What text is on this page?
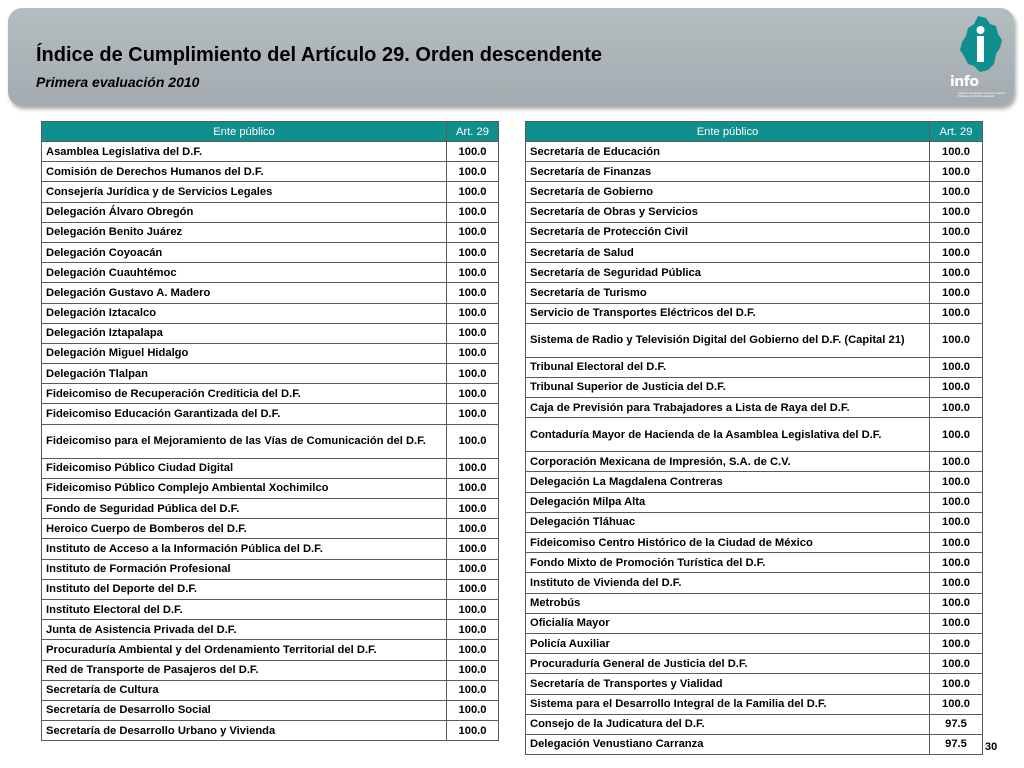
Índice de Cumplimiento del Artículo 29. Orden descendente
Primera evaluación 2010	info
Instituto de Acceso a la Información Pública del Distrito Federal
Ente público	Art. 29
Asamblea Legislativa del D.F.	100.0
Comisión de Derechos Humanos del D.F.	100.0
Consejería Jurídica y de Servicios Legales	100.0
Delegación Álvaro Obregón	100.0
Delegación Benito Juárez	100.0
Delegación Coyoacán	100.0
Delegación Cuauhtémoc	100.0
Delegación Gustavo A. Madero	100.0
Delegación Iztacalco	100.0
Delegación Iztapalapa	100.0
Delegación Miguel Hidalgo	100.0
Delegación Tlalpan	100.0
Fideicomiso de Recuperación Crediticia del D.F.	100.0
Fideicomiso Educación Garantizada del D.F.	100.0
Fideicomiso para el Mejoramiento de las Vías de Comunicación del D.F.	100.0
Fideicomiso Público Ciudad Digital	100.0
Fideicomiso Público Complejo Ambiental Xochimilco	100.0
Fondo de Seguridad Pública del D.F.	100.0
Heroico Cuerpo de Bomberos del D.F.	100.0
Instituto de Acceso a la Información Pública del D.F.	100.0
Instituto de Formación Profesional	100.0
Instituto del Deporte del D.F.	100.0
Instituto Electoral del D.F.	100.0
Junta de Asistencia Privada del D.F.	100.0
Procuraduría Ambiental y del Ordenamiento Territorial del D.F.	100.0
Red de Transporte de Pasajeros del D.F.	100.0
Secretaría de Cultura	100.0
Secretaría de Desarrollo Social	100.0
Secretaría de Desarrollo Urbano y Vivienda	100.0
Ente público	Art. 29
Secretaría de Educación	100.0
Secretaría de Finanzas	100.0
Secretaría de Gobierno	100.0
Secretaría de Obras y Servicios	100.0
Secretaría de Protección Civil	100.0
Secretaría de Salud	100.0
Secretaría de Seguridad Pública	100.0
Secretaría de Turismo	100.0
Servicio de Transportes Eléctricos del D.F.	100.0
Sistema de Radio y Televisión Digital del Gobierno del D.F. (Capital 21)	100.0
Tribunal Electoral del D.F.	100.0
Tribunal Superior de Justicia del D.F.	100.0
Caja de Previsión para Trabajadores a Lista de Raya del D.F.	100.0
Contaduría Mayor de Hacienda de la Asamblea Legislativa del D.F.	100.0
Corporación Mexicana de Impresión, S.A. de C.V.	100.0
Delegación La Magdalena Contreras	100.0
Delegación Milpa Alta	100.0
Delegación Tláhuac	100.0
Fideicomiso Centro Histórico de la Ciudad de México	100.0
Fondo Mixto de Promoción Turística del D.F.	100.0
Instituto de Vivienda del D.F.	100.0
Metrobús	100.0
Oficialía Mayor	100.0
Policía Auxiliar	100.0
Procuraduría General de Justicia del D.F.	100.0
Secretaría de Transportes y Vialidad	100.0
Sistema para el Desarrollo Integral de la Familia del D.F.	100.0
Consejo de la Judicatura del D.F.	97.5
Delegación Venustiano Carranza	97.5 30
